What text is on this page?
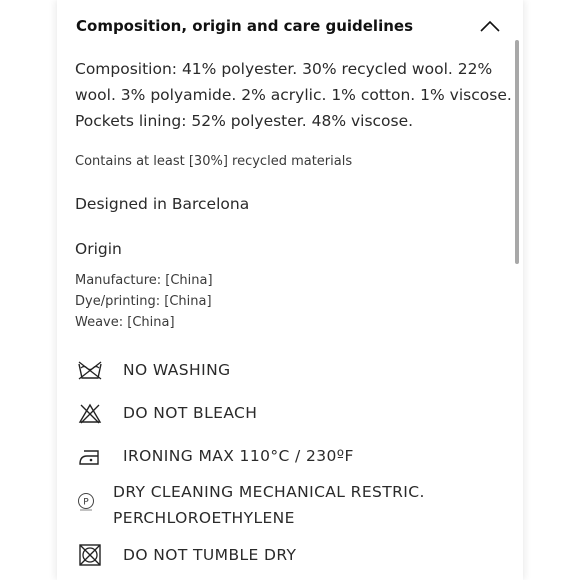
Composition, origin and care guidelines
Composition: 41% polyester. 30% recycled wool. 22%
wool. 3% polyamide. 2% acrylic. 1% cotton. 1% viscose.
Pockets lining: 52% polyester. 48% viscose.
Contains at least [30%] recycled materials
Designed in Barcelona
Origin
Manufacture: [China]
Dye/printing: [China]
Weave: [China]
NO WASHING
DO NOT BLEACH
IRONING MAX 110°C / 230ºF
P
DRY CLEANING MECHANICAL RESTRIC.
PERCHLOROETHYLENE
DO NOT TUMBLE DRY
